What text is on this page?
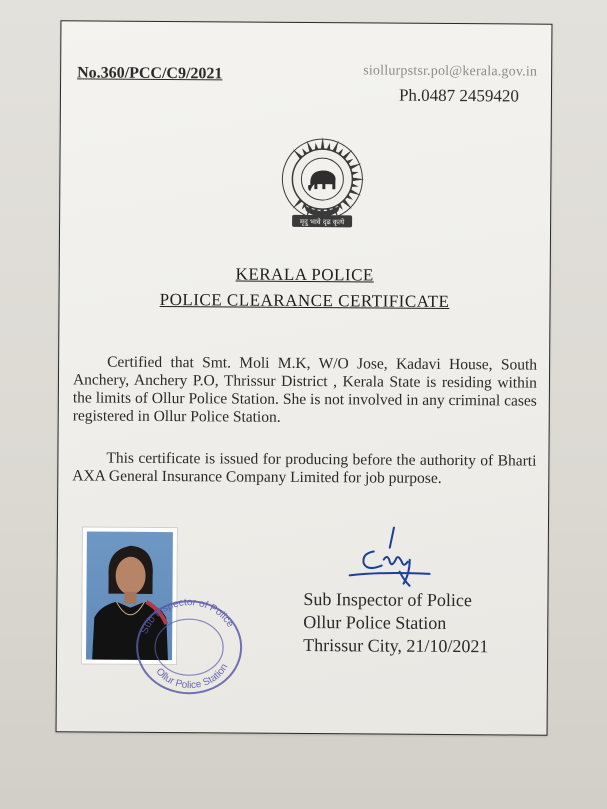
No.360/PCC/C9/2021	siollurpstsr.pol@kerala.gov.in
Ph.0487 2459420
मृदु भावे दृढ कृत्ये
KERALA POLICE
POLICE CLEARANCE CERTIFICATE
Certified that Smt. Moli M.K, W/O Jose, Kadavi House, South Anchery, Anchery P.O, Thrissur District , Kerala State is residing within the limits of Ollur Police Station. She is not involved in any criminal cases registered in Ollur Police Station.
This certificate is issued for producing before the authority of Bharti AXA General Insurance Company Limited for job purpose.
Sub Inspector of Police
Ollur Police Station
Sub Inspector of Police
Ollur Police Station
Thrissur City, 21/10/2021
